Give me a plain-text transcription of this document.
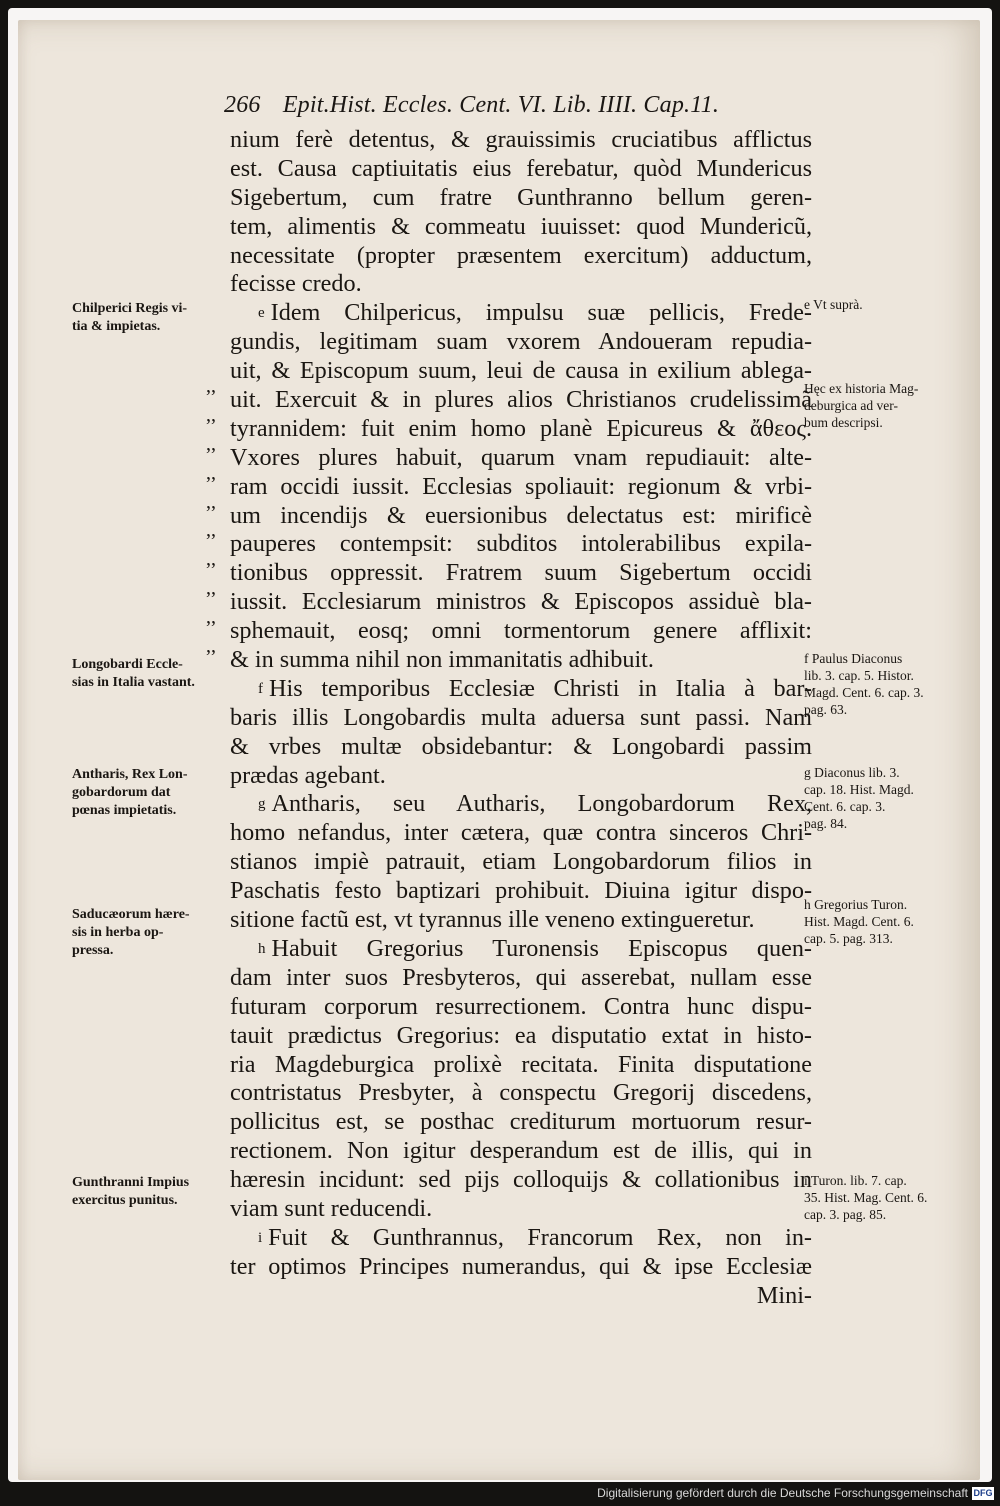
266 Epit.Hist. Eccles. Cent. VI. Lib. IIII. Cap.11.
,,
,,
,,
,,
,,
,,
,,
,,
,,
,,
nium ferè detentus, & grauissimis cruciatibus afflictus
est. Causa captiuitatis eius ferebatur, quòd Mundericus
Sigebertum, cum fratre Gunthranno bellum geren-
tem, alimentis & commeatu iuuisset: quod Mundericũ,
necessitate (propter præsentem exercitum) adductum,
fecisse credo.
$^e$ Idem Chilpericus, impulsu suæ pellicis, Frede-
gundis, legitimam suam vxorem Andoueram repudia-
uit, & Episcopum suum, leui de causa in exilium ablega-
uit. Exercuit & in plures alios Christianos crudelissimã
tyrannidem: fuit enim homo planè Epicureus & ἄθεος.
Vxores plures habuit, quarum vnam repudiauit: alte-
ram occidi iussit. Ecclesias spoliauit: regionum & vrbi-
um incendijs & euersionibus delectatus est: mirificè
pauperes contempsit: subditos intolerabilibus expila-
tionibus oppressit. Fratrem suum Sigebertum occidi
iussit. Ecclesiarum ministros & Episcopos assiduè bla-
sphemauit, eosq; omni tormentorum genere afflixit:
& in summa nihil non immanitatis adhibuit.
$^f$ His temporibus Ecclesiæ Christi in Italia à bar-
baris illis Longobardis multa aduersa sunt passi. Nam
& vrbes multæ obsidebantur: & Longobardi passim
prædas agebant.
$^g$ Antharis, seu Autharis, Longobardorum Rex,
homo nefandus, inter cætera, quæ contra sinceros Chri-
stianos impiè patrauit, etiam Longobardorum filios in
Paschatis festo baptizari prohibuit. Diuina igitur dispo-
sitione factũ est, vt tyrannus ille veneno extingueretur.
$^h$ Habuit Gregorius Turonensis Episcopus quen-
dam inter suos Presbyteros, qui asserebat, nullam esse
futuram corporum resurrectionem. Contra hunc dispu-
tauit prædictus Gregorius: ea disputatio extat in histo-
ria Magdeburgica prolixè recitata. Finita disputatione
contristatus Presbyter, à conspectu Gregorij discedens,
pollicitus est, se posthac crediturum mortuorum resur-
rectionem. Non igitur desperandum est de illis, qui in
hæresin incidunt: sed pijs colloquijs & collationibus in
viam sunt reducendi.
$^i$ Fuit & Gunthrannus, Francorum Rex, non in-
ter optimos Principes numerandus, qui & ipse Ecclesiæ
Mini-
Chilperici Regis vi-
tia & impietas.
Longobardi Eccle-
sias in Italia vastant.
Antharis, Rex Lon-
gobardorum dat
pœnas impietatis.
Saducæorum hære-
sis in herba op-
pressa.
Gunthranni Impius
exercitus punitus.
e Vt suprà.
Hęc ex historia Mag-
deburgica ad ver-
bum descripsi.
f Paulus Diaconus
lib. 3. cap. 5. Histor.
Magd. Cent. 6. cap. 3.
pag. 63.
g Diaconus lib. 3.
cap. 18. Hist. Magd.
Cent. 6. cap. 3.
pag. 84.
h Gregorius Turon.
Hist. Magd. Cent. 6.
cap. 5. pag. 313.
i Turon. lib. 7. cap.
35. Hist. Mag. Cent. 6.
cap. 3. pag. 85.
Digitalisierung gefördert durch die Deutsche Forschungsgemeinschaft DFG
